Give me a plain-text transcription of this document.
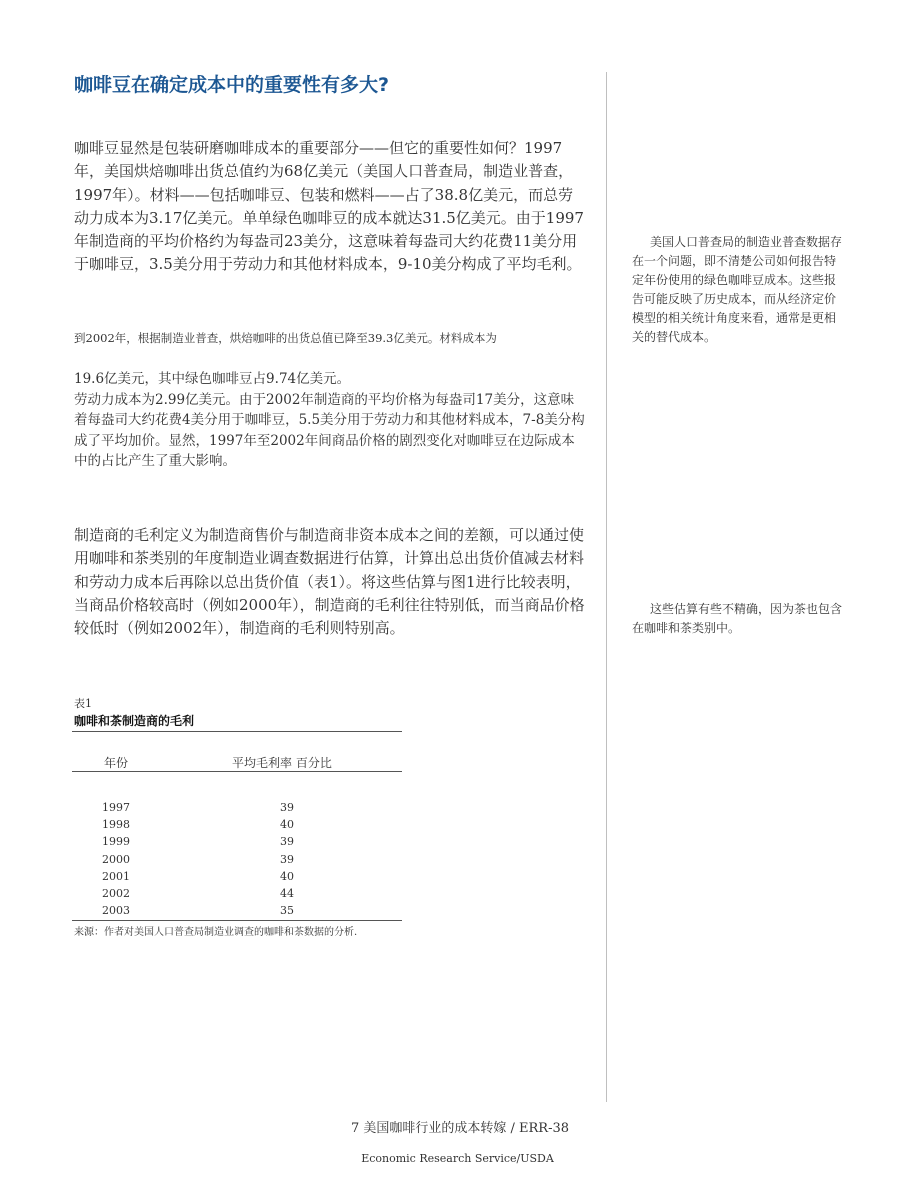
咖啡豆在确定成本中的重要性有多大?

咖啡豆显然是包装研磨咖啡成本的重要部分——但它的重要性如何？1997年，美国烘焙咖啡出货总值约为68亿美元（美国人口普查局，制造业普查，1997年）。材料——包括咖啡豆、包装和燃料——占了38.8亿美元，而总劳动力成本为3.17亿美元。单单绿色咖啡豆的成本就达31.5亿美元。由于1997年制造商的平均价格约为每盎司23美分，这意味着每盎司大约花费11美分用于咖啡豆，3.5美分用于劳动力和其他材料成本，9-10美分构成了平均毛利。

到2002年，根据制造业普查，烘焙咖啡的出货总值已降至39.3亿美元。材料成本为

19.6亿美元，其中绿色咖啡豆占9.74亿美元。
劳动力成本为2.99亿美元。由于2002年制造商的平均价格为每盎司17美分，这意味着每盎司大约花费4美分用于咖啡豆，5.5美分用于劳动力和其他材料成本，7-8美分构成了平均加价。显然，1997年至2002年间商品价格的剧烈变化对咖啡豆在边际成本中的占比产生了重大影响。

制造商的毛利定义为制造商售价与制造商非资本成本之间的差额，可以通过使用咖啡和茶类别的年度制造业调查数据进行估算，计算出总出货价值减去材料和劳动力成本后再除以总出货价值（表1）。将这些估算与图1进行比较表明，当商品价格较高时（例如2000年），制造商的毛利往往特别低，而当商品价格较低时（例如2002年），制造商的毛利则特别高。

美国人口普查局的制造业普查数据存在一个问题，即不清楚公司如何报告特定年份使用的绿色咖啡豆成本。这些报告可能反映了历史成本，而从经济定价模型的相关统计角度来看，通常是更相关的替代成本。

这些估算有些不精确，因为茶也包含在咖啡和茶类别中。

表1
咖啡和茶制造商的毛利
年份	平均毛利率 百分比
1997	39
1998	40
1999	39
2000	39
2001	40
2002	44
2003	35
来源：作者对美国人口普查局制造业调查的咖啡和茶数据的分析.
7 美国咖啡行业的成本转嫁 / ERR-38
Economic Research Service/USDA
